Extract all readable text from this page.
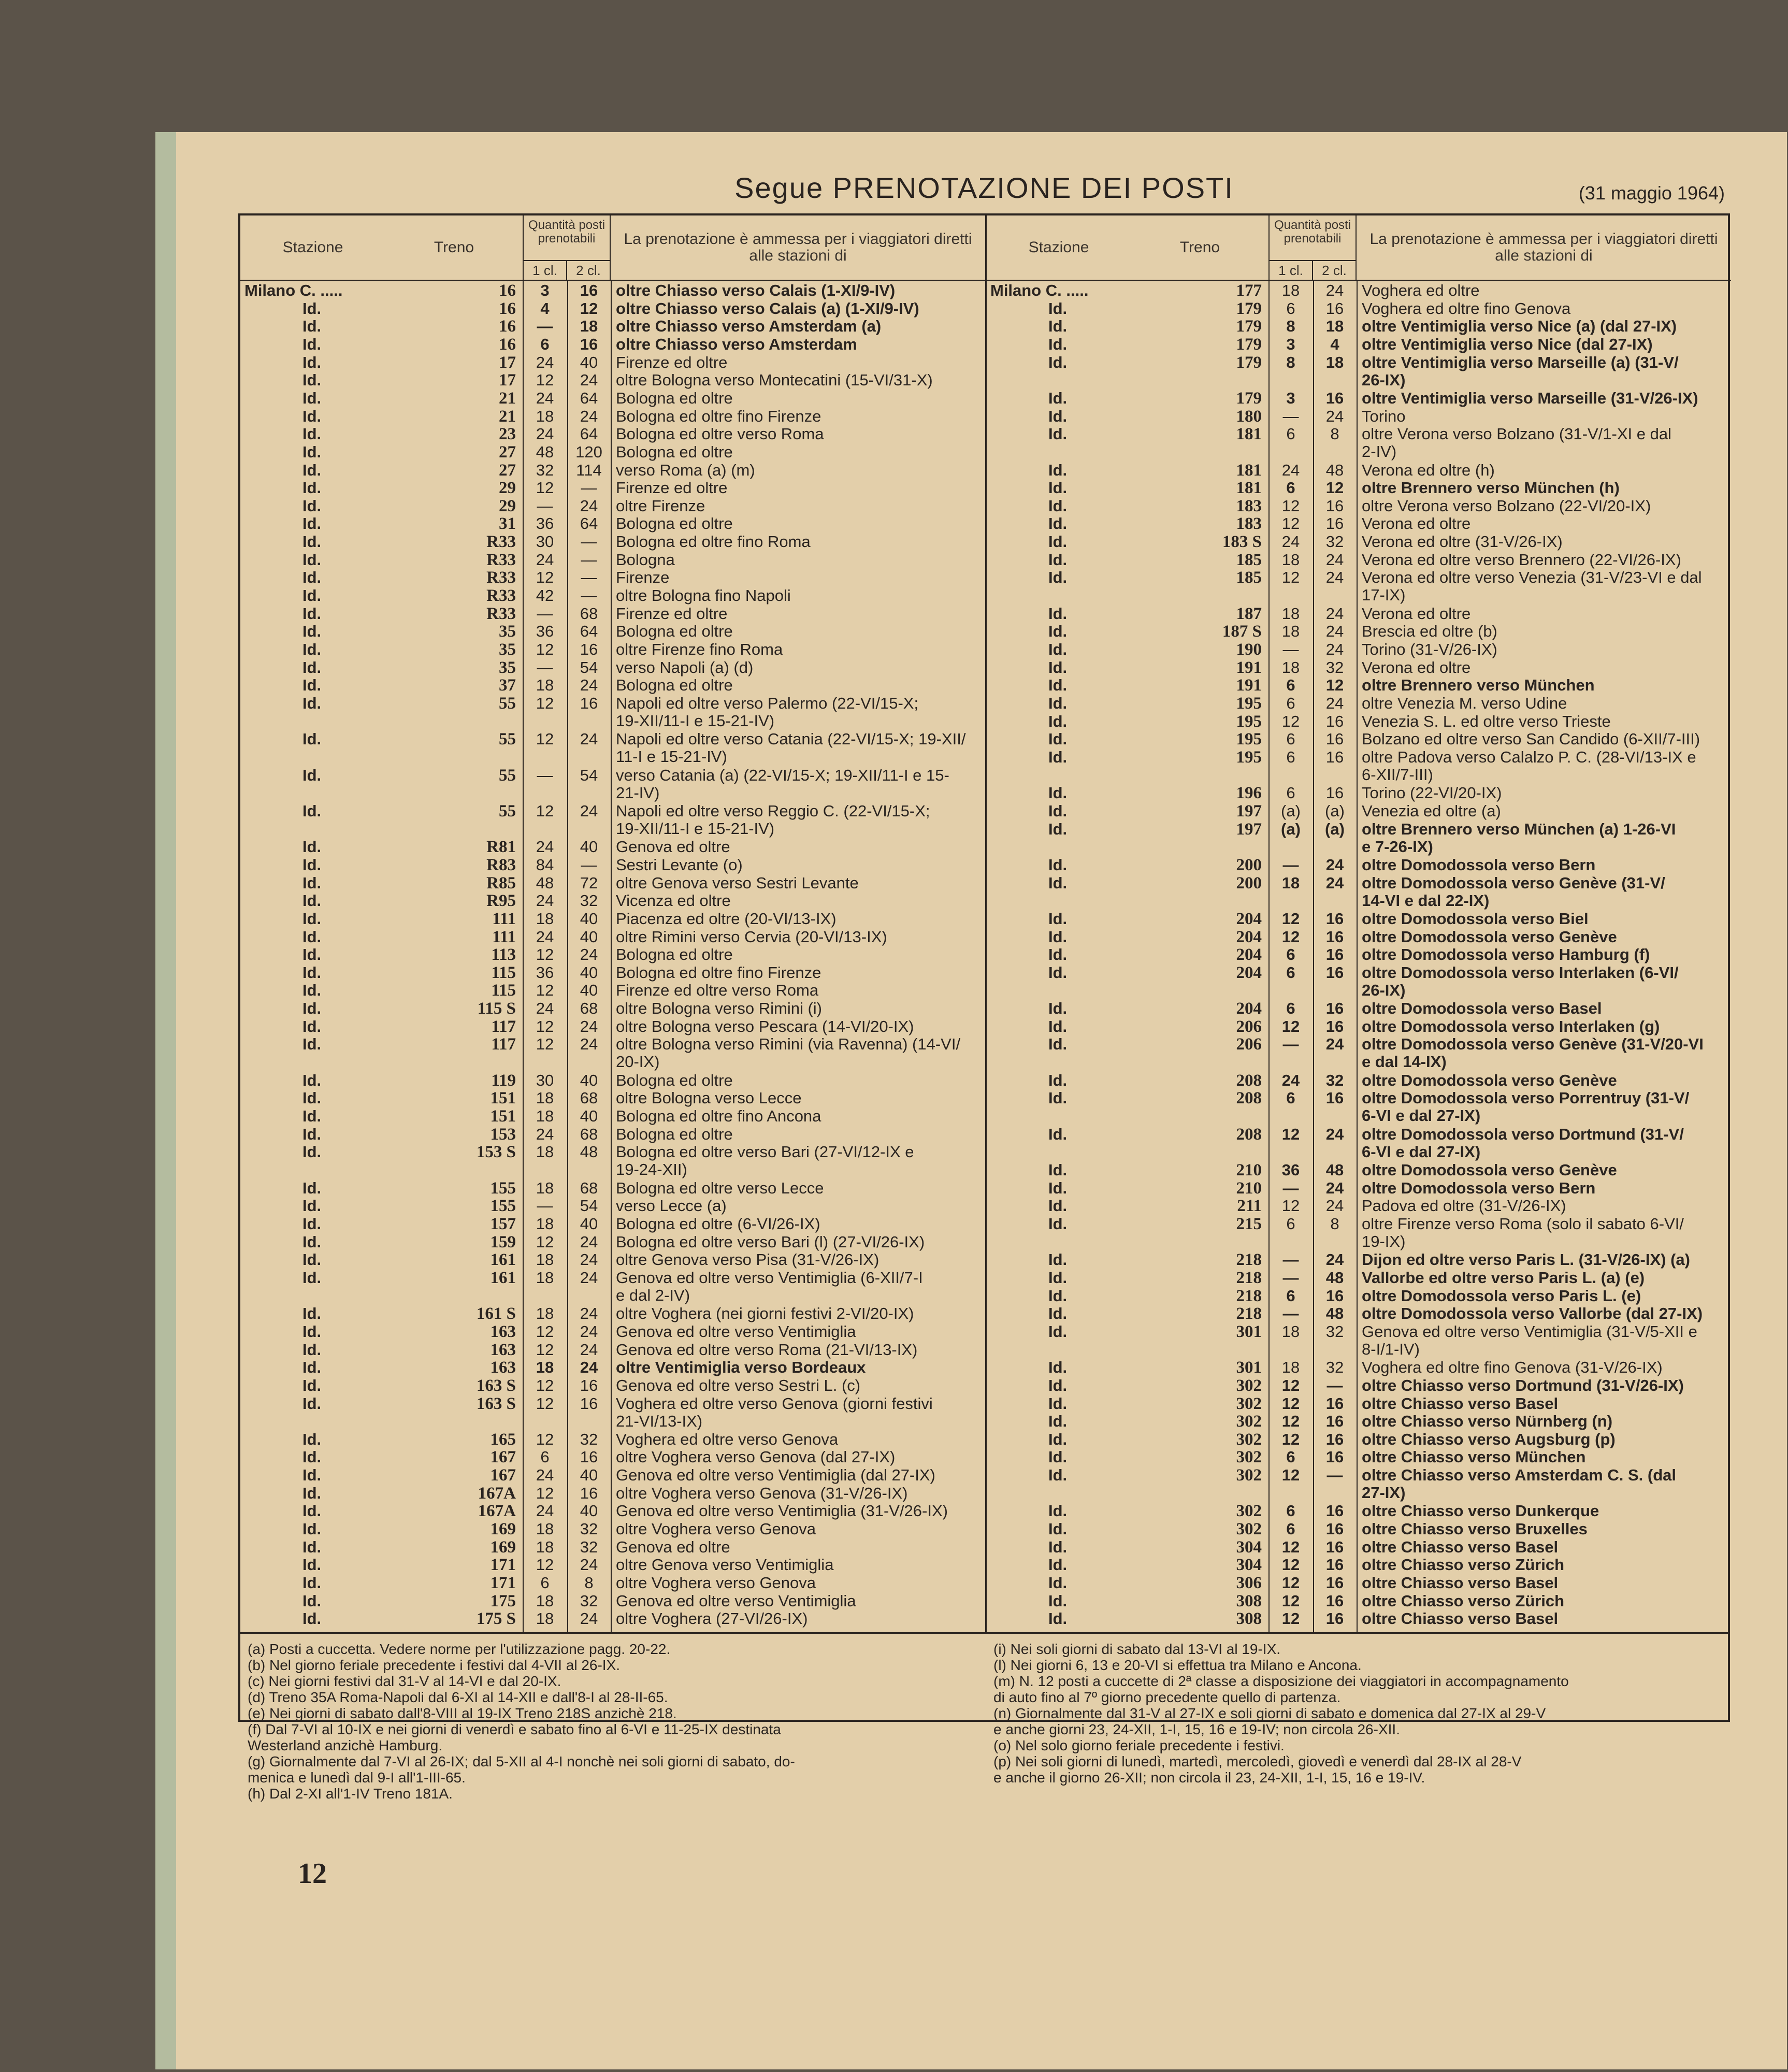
Segue PRENOTAZIONE DEI POSTI	(31 maggio 1964)
Stazione	Treno
Quantità posti prenotabili
1 cl.	2 cl.
La prenotazione è ammessa per i viaggiatori diretti alle stazioni di
Milano C. .....	16	3	16	oltre Chiasso verso Calais (1-XI/9-IV)
Id.	16	4	12	oltre Chiasso verso Calais (a) (1-XI/9-IV)
Id.	16	—	18	oltre Chiasso verso Amsterdam (a)
Id.	16	6	16	oltre Chiasso verso Amsterdam
Id.	17	24	40	Firenze ed oltre
Id.	17	12	24	oltre Bologna verso Montecatini (15-VI/31-X)
Id.	21	24	64	Bologna ed oltre
Id.	21	18	24	Bologna ed oltre fino Firenze
Id.	23	24	64	Bologna ed oltre verso Roma
Id.	27	48	120 Bologna ed oltre
Id.	27	32	114 verso Roma (a) (m)
Id.	29	12	—	Firenze ed oltre
Id.	29	—	24	oltre Firenze
Id.	31	36	64	Bologna ed oltre
Id.	R33	30	—	Bologna ed oltre fino Roma
Id.	R33	24	—	Bologna
Id.	R33	12	—	Firenze
Id.	R33	42	—	oltre Bologna fino Napoli
Id.	R33	—	68	Firenze ed oltre
Id.	35	36	64	Bologna ed oltre
Id.	35	12	16	oltre Firenze fino Roma
Id.	35	—	54	verso Napoli (a) (d)
Id.	37	18	24	Bologna ed oltre
Id.	55	12	16	Napoli ed oltre verso Palermo (22-VI/15-X;
19-XII/11-I e 15-21-IV)
Id.	55	12	24	Napoli ed oltre verso Catania (22-VI/15-X; 19-XII/
11-I e 15-21-IV)
Id.	55	—	54	verso Catania (a) (22-VI/15-X; 19-XII/11-I e 15-
21-IV)
Id.	55	12	24	Napoli ed oltre verso Reggio C. (22-VI/15-X;
19-XII/11-I e 15-21-IV)
Id.	R81	24	40	Genova ed oltre
Id.	R83	84	—	Sestri Levante (o)
Id.	R85	48	72	oltre Genova verso Sestri Levante
Id.	R95	24	32	Vicenza ed oltre
Id.	111	18	40	Piacenza ed oltre (20-VI/13-IX)
Id.	111	24	40	oltre Rimini verso Cervia (20-VI/13-IX)
Id.	113	12	24	Bologna ed oltre
Id.	115	36	40	Bologna ed oltre fino Firenze
Id.	115	12	40	Firenze ed oltre verso Roma
Id.	115 S	24	68	oltre Bologna verso Rimini (i)
Id.	117	12	24	oltre Bologna verso Pescara (14-VI/20-IX)
Id.	117	12	24	oltre Bologna verso Rimini (via Ravenna) (14-VI/
20-IX)
Id.	119	30	40	Bologna ed oltre
Id.	151	18	68	oltre Bologna verso Lecce
Id.	151	18	40	Bologna ed oltre fino Ancona
Id.	153	24	68	Bologna ed oltre
Id.	153 S	18	48	Bologna ed oltre verso Bari (27-VI/12-IX e
19-24-XII)
Id.	155	18	68	Bologna ed oltre verso Lecce
Id.	155	—	54	verso Lecce (a)
Id.	157	18	40	Bologna ed oltre (6-VI/26-IX)
Id.	159	12	24	Bologna ed oltre verso Bari (l) (27-VI/26-IX)
Id.	161	18	24	oltre Genova verso Pisa (31-V/26-IX)
Id.	161	18	24	Genova ed oltre verso Ventimiglia (6-XII/7-I
e dal 2-IV)
Id.	161 S	18	24	oltre Voghera (nei giorni festivi 2-VI/20-IX)
Id.	163	12	24	Genova ed oltre verso Ventimiglia
Id.	163	12	24	Genova ed oltre verso Roma (21-VI/13-IX)
Id.	163	18	24	oltre Ventimiglia verso Bordeaux
Id.	163 S	12	16	Genova ed oltre verso Sestri L. (c)
Id.	163 S	12	16	Voghera ed oltre verso Genova (giorni festivi
21-VI/13-IX)
Id.	165	12	32	Voghera ed oltre verso Genova
Id.	167	6	16	oltre Voghera verso Genova (dal 27-IX)
Id.	167	24	40	Genova ed oltre verso Ventimiglia (dal 27-IX)
Id.	167A	12	16	oltre Voghera verso Genova (31-V/26-IX)
Id.	167A	24	40	Genova ed oltre verso Ventimiglia (31-V/26-IX)
Id.	169	18	32	oltre Voghera verso Genova
Id.	169	18	32	Genova ed oltre
Id.	171	12	24	oltre Genova verso Ventimiglia
Id.	171	6	8	oltre Voghera verso Genova
Id.	175	18	32	Genova ed oltre verso Ventimiglia
Id.	175 S	18	24	oltre Voghera (27-VI/26-IX)
Stazione	Treno
Quantità posti prenotabili
1 cl.	2 cl.
La prenotazione è ammessa per i viaggiatori diretti alle stazioni di
Milano C. .....	177	18	24	Voghera ed oltre
Id.	179	6	16	Voghera ed oltre fino Genova
Id.	179	8	18	oltre Ventimiglia verso Nice (a) (dal 27-IX)
Id.	179	3	4	oltre Ventimiglia verso Nice (dal 27-IX)
Id.	179	8	18	oltre Ventimiglia verso Marseille (a) (31-V/
26-IX)
Id.	179	3	16	oltre Ventimiglia verso Marseille (31-V/26-IX)
Id.	180	—	24	Torino
Id.	181	6	8	oltre Verona verso Bolzano (31-V/1-XI e dal
2-IV)
Id.	181	24	48	Verona ed oltre (h)
Id.	181	6	12	oltre Brennero verso München (h)
Id.	183	12	16	oltre Verona verso Bolzano (22-VI/20-IX)
Id.	183	12	16	Verona ed oltre
Id.	183 S	24	32	Verona ed oltre (31-V/26-IX)
Id.	185	18	24	Verona ed oltre verso Brennero (22-VI/26-IX)
Id.	185	12	24	Verona ed oltre verso Venezia (31-V/23-VI e dal
17-IX)
Id.	187	18	24	Verona ed oltre
Id.	187 S	18	24	Brescia ed oltre (b)
Id.	190	—	24	Torino (31-V/26-IX)
Id.	191	18	32	Verona ed oltre
Id.	191	6	12	oltre Brennero verso München
Id.	195	6	24	oltre Venezia M. verso Udine
Id.	195	12	16	Venezia S. L. ed oltre verso Trieste
Id.	195	6	16	Bolzano ed oltre verso San Candido (6-XII/7-III)
Id.	195	6	16	oltre Padova verso Calalzo P. C. (28-VI/13-IX e
6-XII/7-III)
Id.	196	6	16	Torino (22-VI/20-IX)
Id.	197	(a)	(a)	Venezia ed oltre (a)
Id.	197	(a)	(a)	oltre Brennero verso München (a) 1-26-VI
e 7-26-IX)
Id.	200	—	24	oltre Domodossola verso Bern
Id.	200	18	24	oltre Domodossola verso Genève (31-V/
14-VI e dal 22-IX)
Id.	204	12	16	oltre Domodossola verso Biel
Id.	204	12	16	oltre Domodossola verso Genève
Id.	204	6	16	oltre Domodossola verso Hamburg (f)
Id.	204	6	16	oltre Domodossola verso Interlaken (6-VI/
26-IX)
Id.	204	6	16	oltre Domodossola verso Basel
Id.	206	12	16	oltre Domodossola verso Interlaken (g)
Id.	206	—	24	oltre Domodossola verso Genève (31-V/20-VI
e dal 14-IX)
Id.	208	24	32	oltre Domodossola verso Genève
Id.	208	6	16	oltre Domodossola verso Porrentruy (31-V/
6-VI e dal 27-IX)
Id.	208	12	24	oltre Domodossola verso Dortmund (31-V/
6-VI e dal 27-IX)
Id.	210	36	48	oltre Domodossola verso Genève
Id.	210	—	24	oltre Domodossola verso Bern
Id.	211	12	24	Padova ed oltre (31-V/26-IX)
Id.	215	6	8	oltre Firenze verso Roma (solo il sabato 6-VI/
19-IX)
Id.	218	—	24	Dijon ed oltre verso Paris L. (31-V/26-IX) (a)
Id.	218	—	48	Vallorbe ed oltre verso Paris L. (a) (e)
Id.	218	6	16	oltre Domodossola verso Paris L. (e)
Id.	218	—	48	oltre Domodossola verso Vallorbe (dal 27-IX)
Id.	301	18	32	Genova ed oltre verso Ventimiglia (31-V/5-XII e
8-I/1-IV)
Id.	301	18	32	Voghera ed oltre fino Genova (31-V/26-IX)
Id.	302	12	—	oltre Chiasso verso Dortmund (31-V/26-IX)
Id.	302	12	16	oltre Chiasso verso Basel
Id.	302	12	16	oltre Chiasso verso Nürnberg (n)
Id.	302	12	16	oltre Chiasso verso Augsburg (p)
Id.	302	6	16	oltre Chiasso verso München
Id.	302	12	—	oltre Chiasso verso Amsterdam C. S. (dal
27-IX)
Id.	302	6	16	oltre Chiasso verso Dunkerque
Id.	302	6	16	oltre Chiasso verso Bruxelles
Id.	304	12	16	oltre Chiasso verso Basel
Id.	304	12	16	oltre Chiasso verso Zürich
Id.	306	12	16	oltre Chiasso verso Basel
Id.	308	12	16	oltre Chiasso verso Zürich
Id.	308	12	16	oltre Chiasso verso Basel
(a) Posti a cuccetta. Vedere norme per l'utilizzazione pagg. 20-22.
(b) Nel giorno feriale precedente i festivi dal 4-VII al 26-IX.
(c) Nei giorni festivi dal 31-V al 14-VI e dal 20-IX.
(d) Treno 35A Roma-Napoli dal 6-XI al 14-XII e dall'8-I al 28-II-65.
(e) Nei giorni di sabato dall'8-VIII al 19-IX Treno 218S anzichè 218.
(f) Dal 7-VI al 10-IX e nei giorni di venerdì e sabato fino al 6-VI e 11-25-IX destinata
Westerland anzichè Hamburg.
(g) Giornalmente dal 7-VI al 26-IX; dal 5-XII al 4-I nonchè nei soli giorni di sabato, do-
menica e lunedì dal 9-I all'1-III-65.
(h) Dal 2-XI all'1-IV Treno 181A.
(i) Nei soli giorni di sabato dal 13-VI al 19-IX.
(l) Nei giorni 6, 13 e 20-VI si effettua tra Milano e Ancona.
(m) N. 12 posti a cuccette di 2ª classe a disposizione dei viaggiatori in accompagnamento
di auto fino al 7º giorno precedente quello di partenza.
(n) Giornalmente dal 31-V al 27-IX e soli giorni di sabato e domenica dal 27-IX al 29-V
e anche giorni 23, 24-XII, 1-I, 15, 16 e 19-IV; non circola 26-XII.
(o) Nel solo giorno feriale precedente i festivi.
(p) Nei soli giorni di lunedì, martedì, mercoledì, giovedì e venerdì dal 28-IX al 28-V
e anche il giorno 26-XII; non circola il 23, 24-XII, 1-I, 15, 16 e 19-IV.
12
